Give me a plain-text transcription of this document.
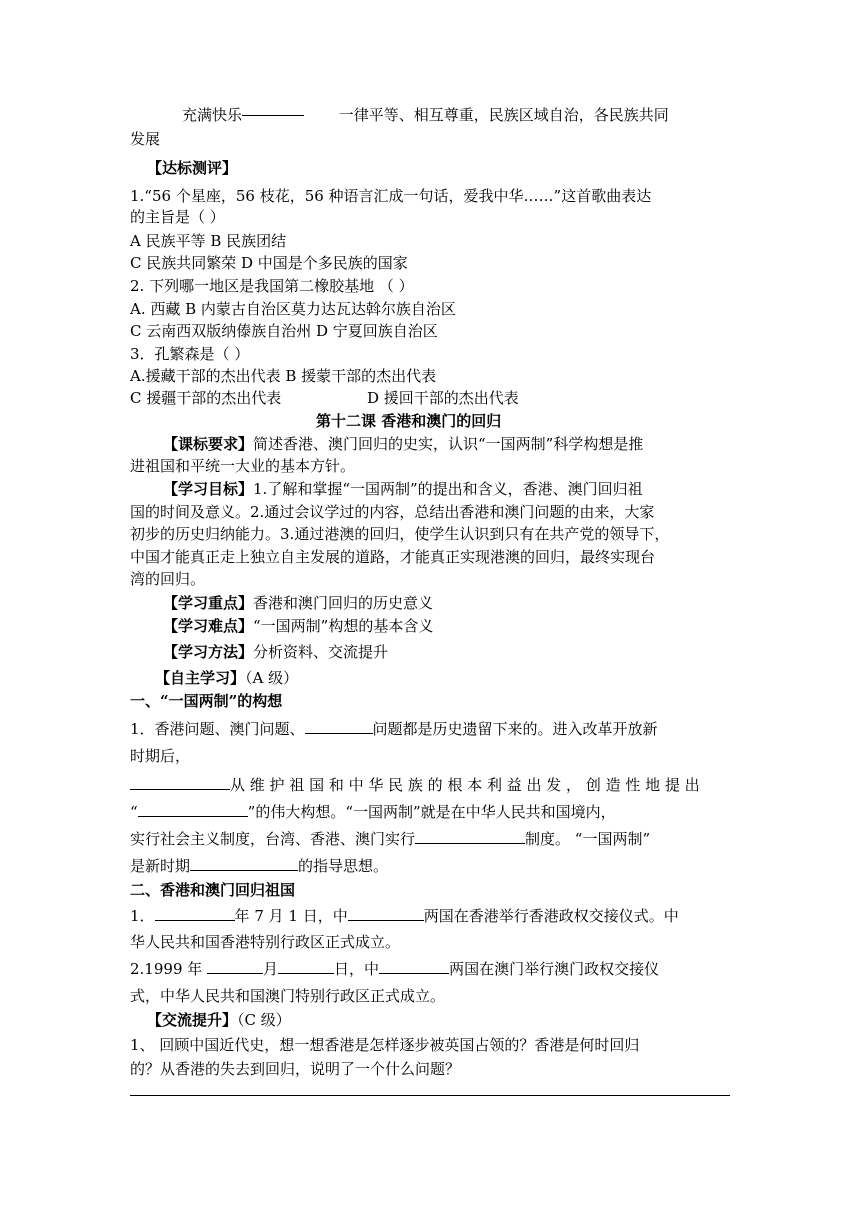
充满快乐	一律平等、相互尊重，民族区域自治，各民族共同
发展
【达标测评】
1.“56 个星座，56 枝花，56 种语言汇成一句话，爱我中华……”这首歌曲表达
的主旨是（ ）
A 民族平等 B 民族团结
C 民族共同繁荣 D 中国是个多民族的国家
2. 下列哪一地区是我国第二橡胶基地 （ ）
A. 西藏 B 内蒙古自治区莫力达瓦达斡尔族自治区
C 云南西双版纳傣族自治州 D 宁夏回族自治区
3．孔繁森是（ ）
A.援藏干部的杰出代表 B 援蒙干部的杰出代表
C 援疆干部的杰出代表	D 援回干部的杰出代表
第十二课 香港和澳门的回归
【课标要求】简述香港、澳门回归的史实，认识“一国两制”科学构想是推
进祖国和平统一大业的基本方针。
【学习目标】1.了解和掌握“一国两制”的提出和含义，香港、澳门回归祖
国的时间及意义。2.通过会议学过的内容，总结出香港和澳门问题的由来，大家
初步的历史归纳能力。3.通过港澳的回归，使学生认识到只有在共产党的领导下，
中国才能真正走上独立自主发展的道路，才能真正实现港澳的回归，最终实现台
湾的回归。
【学习重点】香港和澳门回归的历史意义
【学习难点】“一国两制”构想的基本含义
【学习方法】分析资料、交流提升
【自主学习】（A 级）
一、“一国两制”的构想
1．香港问题、澳门问题、	问题都是历史遗留下来的。进入改革开放新
时期后，
从 维 护 祖 国 和 中 华 民 族 的 根 本 利 益 出 发 ， 创 造 性 地 提 出
“	”的伟大构想。“一国两制”就是在中华人民共和国境内，
实行社会主义制度，台湾、香港、澳门实行	制度。 “一国两制”
是新时期	的指导思想。
二、香港和澳门回归祖国
1．	年 7 月 1 日，中	两国在香港举行香港政权交接仪式。中
华人民共和国香港特别行政区正式成立。
2.1999 年	月	日，中	两国在澳门举行澳门政权交接仪
式，中华人民共和国澳门特别行政区正式成立。
【交流提升】（C 级）
1、 回顾中国近代史，想一想香港是怎样逐步被英国占领的？香港是何时回归
的？从香港的失去到回归，说明了一个什么问题？
